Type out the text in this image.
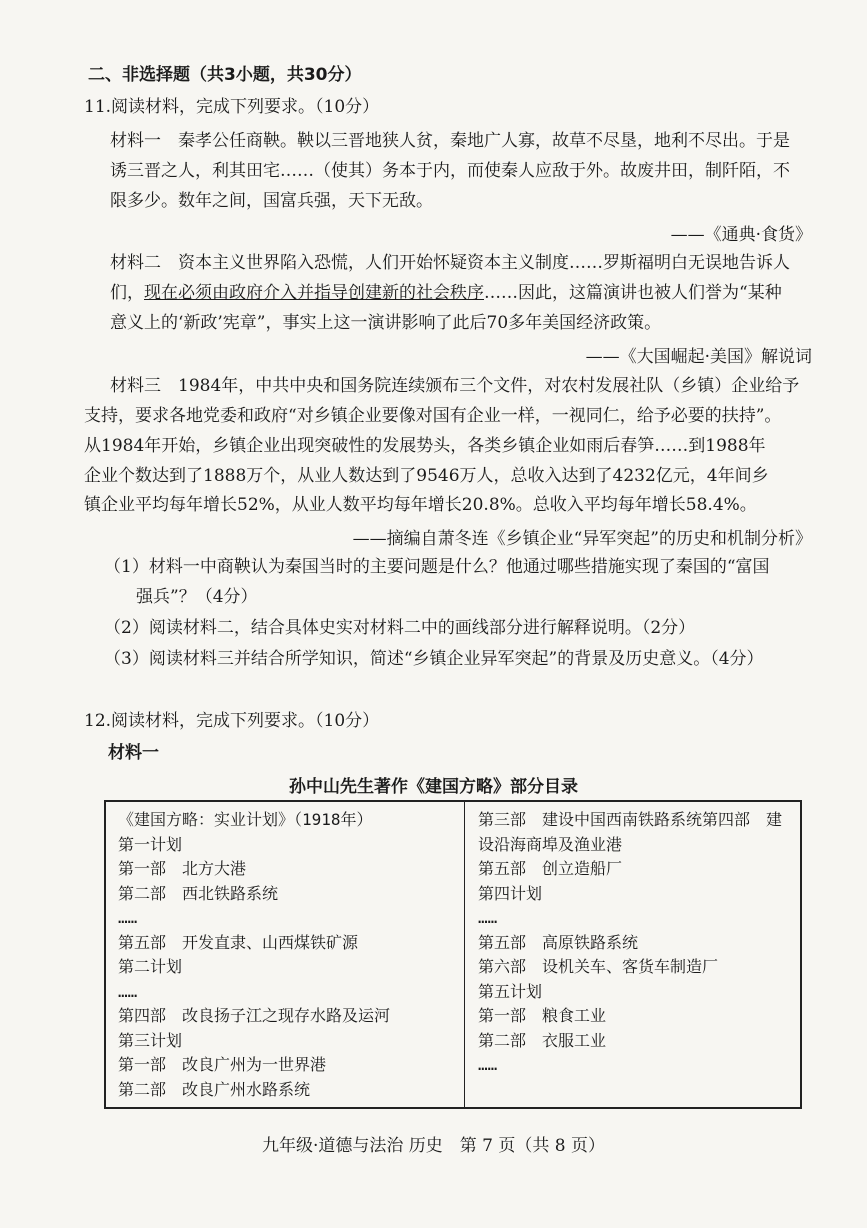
二、非选择题（共3小题，共30分）
11.阅读材料，完成下列要求。（10分）
材料一　秦孝公任商鞅。鞅以三晋地狭人贫，秦地广人寡，故草不尽垦，地利不尽出。于是
诱三晋之人，利其田宅……（使其）务本于内，而使秦人应敌于外。故废井田，制阡陌，不
限多少。数年之间，国富兵强，天下无敌。
——《通典·食货》
材料二　资本主义世界陷入恐慌，人们开始怀疑资本主义制度……罗斯福明白无误地告诉人
们，现在必须由政府介入并指导创建新的社会秩序……因此，这篇演讲也被人们誉为“某种
意义上的‘新政’宪章”，事实上这一演讲影响了此后70多年美国经济政策。
——《大国崛起·美国》解说词
材料三　1984年，中共中央和国务院连续颁布三个文件，对农村发展社队（乡镇）企业给予
支持，要求各地党委和政府“对乡镇企业要像对国有企业一样，一视同仁，给予必要的扶持”。
从1984年开始，乡镇企业出现突破性的发展势头，各类乡镇企业如雨后春笋……到1988年
企业个数达到了1888万个，从业人数达到了9546万人，总收入达到了4232亿元，4年间乡
镇企业平均每年增长52%，从业人数平均每年增长20.8%。总收入平均每年增长58.4%。
——摘编自萧冬连《乡镇企业“异军突起”的历史和机制分析》
（1）材料一中商鞅认为秦国当时的主要问题是什么？他通过哪些措施实现了秦国的“富国
强兵”？（4分）
（2）阅读材料二，结合具体史实对材料二中的画线部分进行解释说明。（2分）
（3）阅读材料三并结合所学知识，简述“乡镇企业异军突起”的背景及历史意义。（4分）
12.阅读材料，完成下列要求。（10分）
材料一
孙中山先生著作《建国方略》部分目录
《建国方略：实业计划》（1918年）
第一计划
第一部　北方大港
第二部　西北铁路系统
……
第五部　开发直隶、山西煤铁矿源
第二计划
……
第四部　改良扬子江之现存水路及运河
第三计划
第一部　改良广州为一世界港
第二部　改良广州水路系统
第三部　建设中国西南铁路系统第四部　建
设沿海商埠及渔业港
第五部　创立造船厂
第四计划
……
第五部　高原铁路系统
第六部　设机关车、客货车制造厂
第五计划
第一部　粮食工业
第二部　衣服工业
……
九年级·道德与法治 历史　第 7 页（共 8 页）
